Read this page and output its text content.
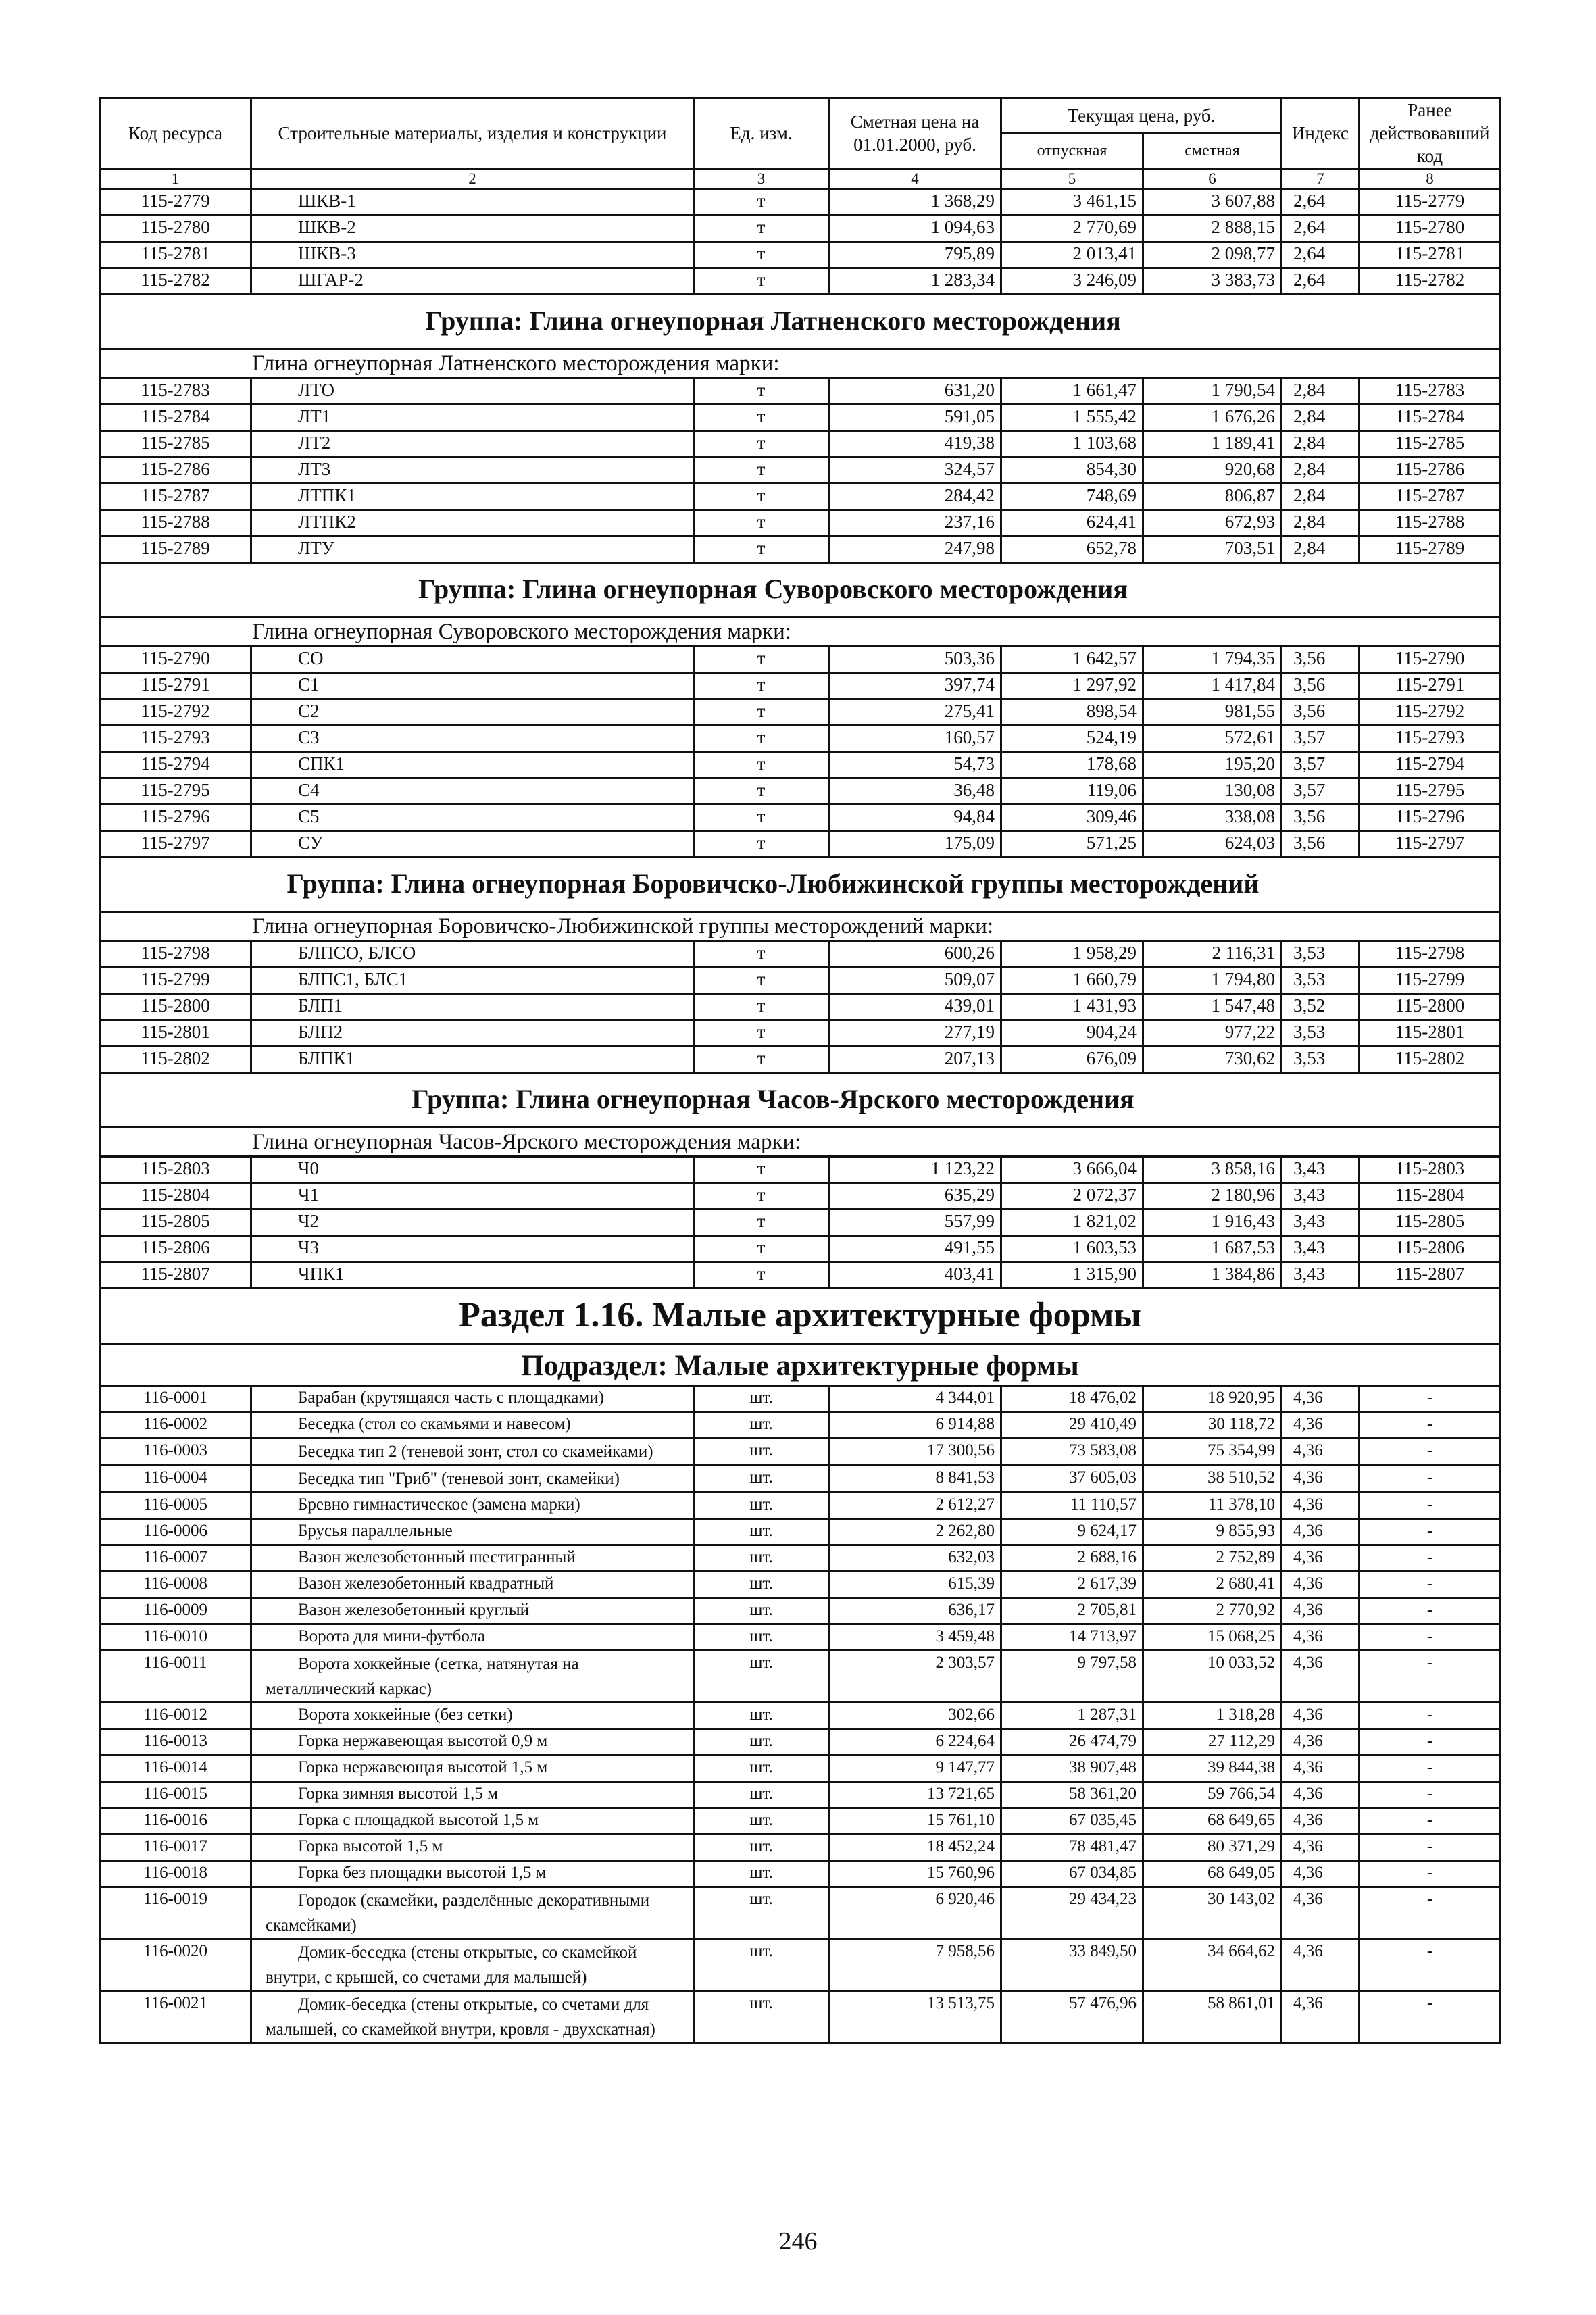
Код ресурса	Строительные материалы, изделия и конструкции	Ед. изм.	Сметная цена на 01.01.2000, руб.	Текущая цена, руб.		Индекс	Ранее действовавший код
				отпускная	сметная		
1	2	3	4	5	6	7	8
115-2779	ШКВ-1	т	1 368,29	3 461,15	3 607,88	2,64	115-2779
115-2780	ШКВ-2	т	1 094,63	2 770,69	2 888,15	2,64	115-2780
115-2781	ШКВ-3	т	795,89	2 013,41	2 098,77	2,64	115-2781
115-2782	ШГАР-2	т	1 283,34	3 246,09	3 383,73	2,64	115-2782
Группа: Глина огнеупорная Латненского месторождения							
Глина огнеупорная Латненского месторождения марки:							
115-2783	ЛТО	т	631,20	1 661,47	1 790,54	2,84	115-2783
115-2784	ЛТ1	т	591,05	1 555,42	1 676,26	2,84	115-2784
115-2785	ЛТ2	т	419,38	1 103,68	1 189,41	2,84	115-2785
115-2786	ЛТ3	т	324,57	854,30	920,68	2,84	115-2786
115-2787	ЛТПК1	т	284,42	748,69	806,87	2,84	115-2787
115-2788	ЛТПК2	т	237,16	624,41	672,93	2,84	115-2788
115-2789	ЛТУ	т	247,98	652,78	703,51	2,84	115-2789
Группа: Глина огнеупорная Суворовского месторождения							
Глина огнеупорная Суворовского месторождения марки:							
115-2790	СО	т	503,36	1 642,57	1 794,35	3,56	115-2790
115-2791	С1	т	397,74	1 297,92	1 417,84	3,56	115-2791
115-2792	С2	т	275,41	898,54	981,55	3,56	115-2792
115-2793	С3	т	160,57	524,19	572,61	3,57	115-2793
115-2794	СПК1	т	54,73	178,68	195,20	3,57	115-2794
115-2795	С4	т	36,48	119,06	130,08	3,57	115-2795
115-2796	С5	т	94,84	309,46	338,08	3,56	115-2796
115-2797	СУ	т	175,09	571,25	624,03	3,56	115-2797
Группа: Глина огнеупорная Боровичско-Любижинской группы месторождений							
Глина огнеупорная Боровичско-Любижинской группы месторождений марки:							
115-2798	БЛПСО, БЛСО	т	600,26	1 958,29	2 116,31	3,53	115-2798
115-2799	БЛПС1, БЛС1	т	509,07	1 660,79	1 794,80	3,53	115-2799
115-2800	БЛП1	т	439,01	1 431,93	1 547,48	3,52	115-2800
115-2801	БЛП2	т	277,19	904,24	977,22	3,53	115-2801
115-2802	БЛПК1	т	207,13	676,09	730,62	3,53	115-2802
Группа: Глина огнеупорная Часов-Ярского месторождения							
Глина огнеупорная Часов-Ярского месторождения марки:							
115-2803	Ч0	т	1 123,22	3 666,04	3 858,16	3,43	115-2803
115-2804	Ч1	т	635,29	2 072,37	2 180,96	3,43	115-2804
115-2805	Ч2	т	557,99	1 821,02	1 916,43	3,43	115-2805
115-2806	Ч3	т	491,55	1 603,53	1 687,53	3,43	115-2806
115-2807	ЧПК1	т	403,41	1 315,90	1 384,86	3,43	115-2807
Раздел 1.16. Малые архитектурные формы							
Подраздел: Малые архитектурные формы							
116-0001	Барабан (крутящаяся часть с площадками)	шт.	4 344,01	18 476,02	18 920,95	4,36	-
116-0002	Беседка (стол со скамьями и навесом)	шт.	6 914,88	29 410,49	30 118,72	4,36	-
116-0003	Беседка тип 2 (теневой зонт, стол со скамейками)	шт.	17 300,56	73 583,08	75 354,99	4,36	-
116-0004	Беседка тип "Гриб" (теневой зонт, скамейки)	шт.	8 841,53	37 605,03	38 510,52	4,36	-
116-0005	Бревно гимнастическое (замена марки)	шт.	2 612,27	11 110,57	11 378,10	4,36	-
116-0006	Брусья параллельные	шт.	2 262,80	9 624,17	9 855,93	4,36	-
116-0007	Вазон железобетонный шестигранный	шт.	632,03	2 688,16	2 752,89	4,36	-
116-0008	Вазон железобетонный квадратный	шт.	615,39	2 617,39	2 680,41	4,36	-
116-0009	Вазон железобетонный круглый	шт.	636,17	2 705,81	2 770,92	4,36	-
116-0010	Ворота для мини-футбола	шт.	3 459,48	14 713,97	15 068,25	4,36	-
116-0011	Ворота хоккейные (сетка, натянутая на металлический каркас)	шт.	2 303,57	9 797,58	10 033,52	4,36	-
116-0012	Ворота хоккейные (без сетки)	шт.	302,66	1 287,31	1 318,28	4,36	-
116-0013	Горка нержавеющая высотой 0,9 м	шт.	6 224,64	26 474,79	27 112,29	4,36	-
116-0014	Горка нержавеющая высотой 1,5 м	шт.	9 147,77	38 907,48	39 844,38	4,36	-
116-0015	Горка зимняя высотой 1,5 м	шт.	13 721,65	58 361,20	59 766,54	4,36	-
116-0016	Горка с площадкой высотой 1,5 м	шт.	15 761,10	67 035,45	68 649,65	4,36	-
116-0017	Горка высотой 1,5 м	шт.	18 452,24	78 481,47	80 371,29	4,36	-
116-0018	Горка без площадки высотой 1,5 м	шт.	15 760,96	67 034,85	68 649,05	4,36	-
116-0019	Городок (скамейки, разделённые декоративными скамейками)	шт.	6 920,46	29 434,23	30 143,02	4,36	-
116-0020	Домик-беседка (стены открытые, со скамейкой внутри, с крышей, со счетами для малышей)	шт.	7 958,56	33 849,50	34 664,62	4,36	-
116-0021	Домик-беседка (стены открытые, со счетами для малышей, со скамейкой внутри, кровля - двухскатная)	шт.	13 513,75	57 476,96	58 861,01	4,36	-
246
